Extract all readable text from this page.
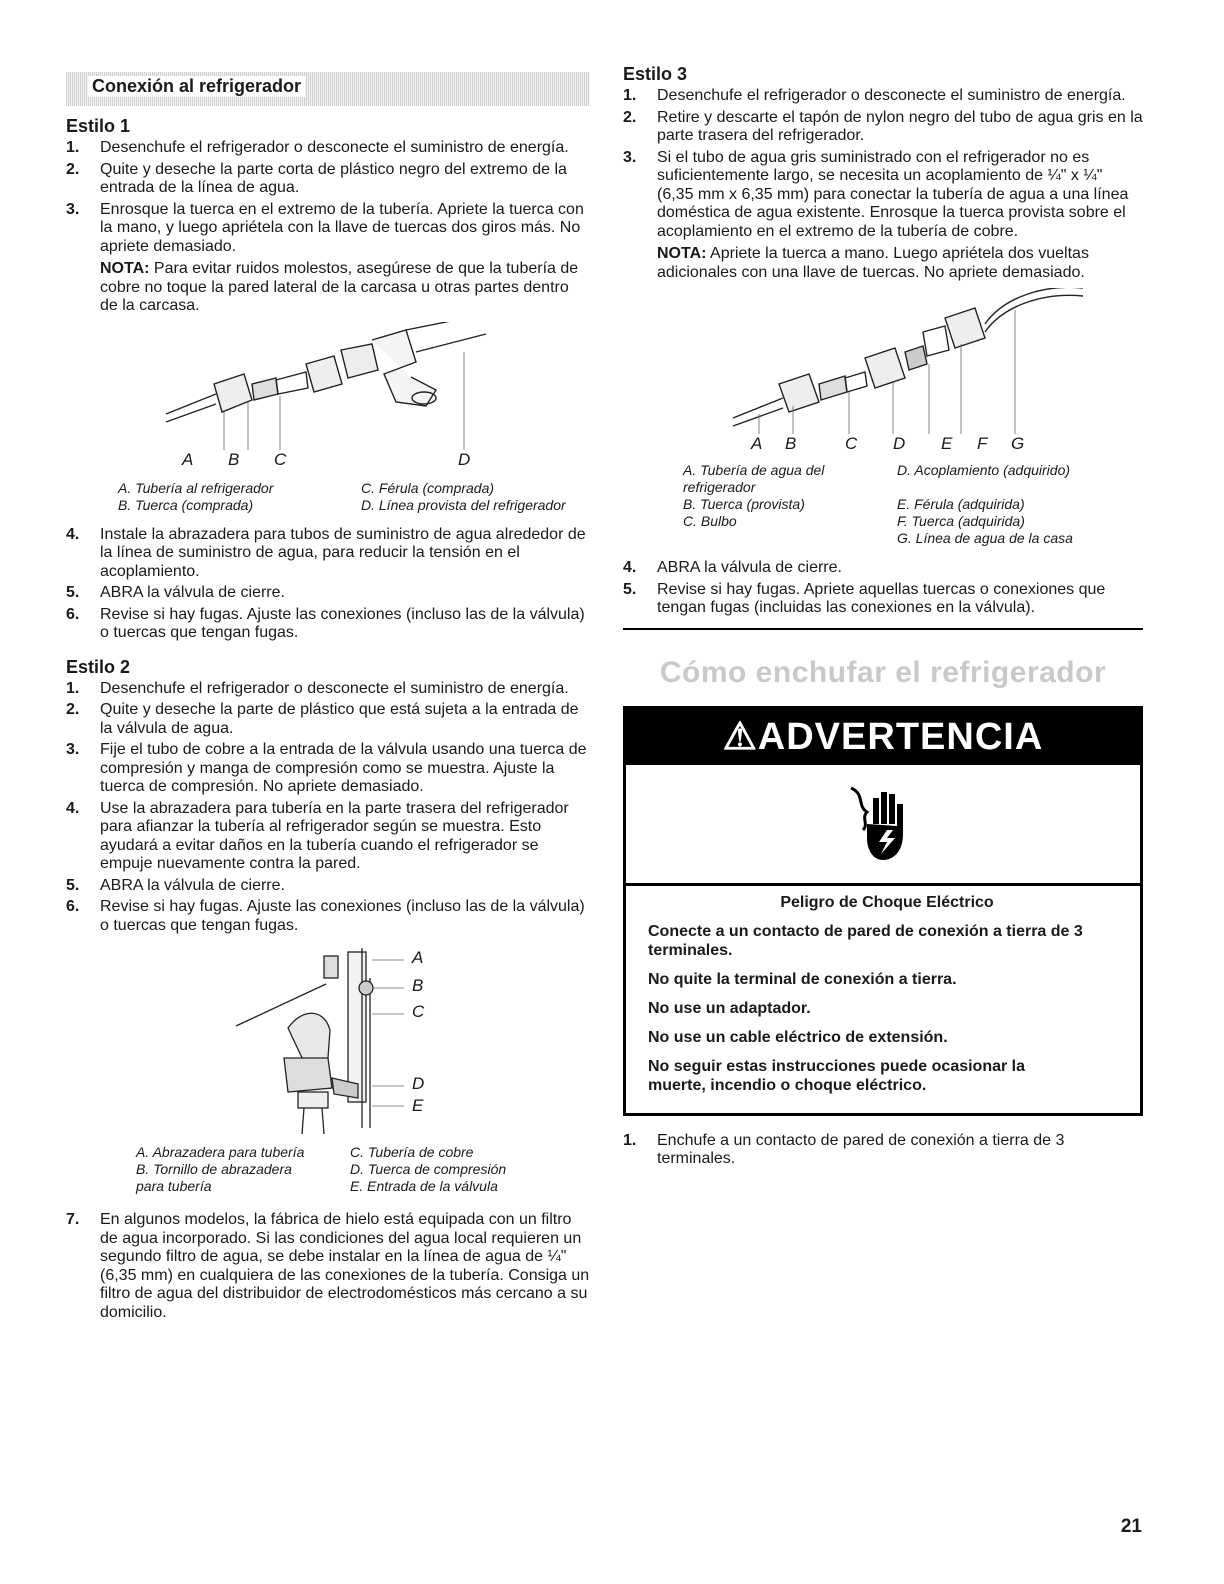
Conexión al refrigerador
Estilo 1
1. Desenchufe el refrigerador o desconecte el suministro de energía.
2. Quite y deseche la parte corta de plástico negro del extremo de la entrada de la línea de agua.
3. Enrosque la tuerca en el extremo de la tubería. Apriete la tuerca con la mano, y luego apriétela con la llave de tuercas dos giros más. No apriete demasiado.
NOTA: Para evitar ruidos molestos, asegúrese de que la tubería de cobre no toque la pared lateral de la carcasa u otras partes dentro de la carcasa.
A B C	D
A. Tubería al refrigerador	C. Férula (comprada)
B. Tuerca (comprada)	D. Línea provista del refrigerador
4. Instale la abrazadera para tubos de suministro de agua alrededor de la línea de suministro de agua, para reducir la tensión en el acoplamiento.
5. ABRA la válvula de cierre.
6. Revise si hay fugas. Ajuste las conexiones (incluso las de la válvula) o tuercas que tengan fugas.
Estilo 2
1. Desenchufe el refrigerador o desconecte el suministro de energía.
2. Quite y deseche la parte de plástico que está sujeta a la entrada de la válvula de agua.
3. Fije el tubo de cobre a la entrada de la válvula usando una tuerca de compresión y manga de compresión como se muestra. Ajuste la tuerca de compresión. No apriete demasiado.
4. Use la abrazadera para tubería en la parte trasera del refrigerador para afianzar la tubería al refrigerador según se muestra. Esto ayudará a evitar daños en la tubería cuando el refrigerador se empuje nuevamente contra la pared.
5. ABRA la válvula de cierre.
6. Revise si hay fugas. Ajuste las conexiones (incluso las de la válvula) o tuercas que tengan fugas.
A
B
C
D
E
A. Abrazadera para tubería	C. Tubería de cobre
B. Tornillo de abrazadera
para tubería
D. Tuerca de compresión
E. Entrada de la válvula
7. En algunos modelos, la fábrica de hielo está equipada con un filtro de agua incorporado. Si las condiciones del agua local requieren un segundo filtro de agua, se debe instalar en la línea de agua de ¼" (6,35 mm) en cualquiera de las conexiones de la tubería. Consiga un filtro de agua del distribuidor de electrodomésticos más cercano a su domicilio.
Estilo 3
1. Desenchufe el refrigerador o desconecte el suministro de energía.
2. Retire y descarte el tapón de nylon negro del tubo de agua gris en la parte trasera del refrigerador.
3. Si el tubo de agua gris suministrado con el refrigerador no es suficientemente largo, se necesita un acoplamiento de ¼" x ¼" (6,35 mm x 6,35 mm) para conectar la tubería de agua a una línea doméstica de agua existente. Enrosque la tuerca provista sobre el acoplamiento en el extremo de la tubería de cobre.
NOTA: Apriete la tuerca a mano. Luego apriétela dos vueltas adicionales con una llave de tuercas. No apriete demasiado.
A B	C D E F G
A. Tubería de agua del
refrigerador
D. Acoplamiento (adquirido)
B. Tuerca (provista)	E. Férula (adquirida)
C. Bulbo	F. Tuerca (adquirida)
G. Línea de agua de la casa
4. ABRA la válvula de cierre.
5. Revise si hay fugas. Apriete aquellas tuercas o conexiones que tengan fugas (incluidas las conexiones en la válvula).
Cómo enchufar el refrigerador
⚠ADVERTENCIA
Peligro de Choque Eléctrico

Conecte a un contacto de pared de conexión a tierra de 3 terminales.

No quite la terminal de conexión a tierra.

No use un adaptador.

No use un cable eléctrico de extensión.

No seguir estas instrucciones puede ocasionar la muerte, incendio o choque eléctrico.

1. Enchufe a un contacto de pared de conexión a tierra de 3 terminales.
21
